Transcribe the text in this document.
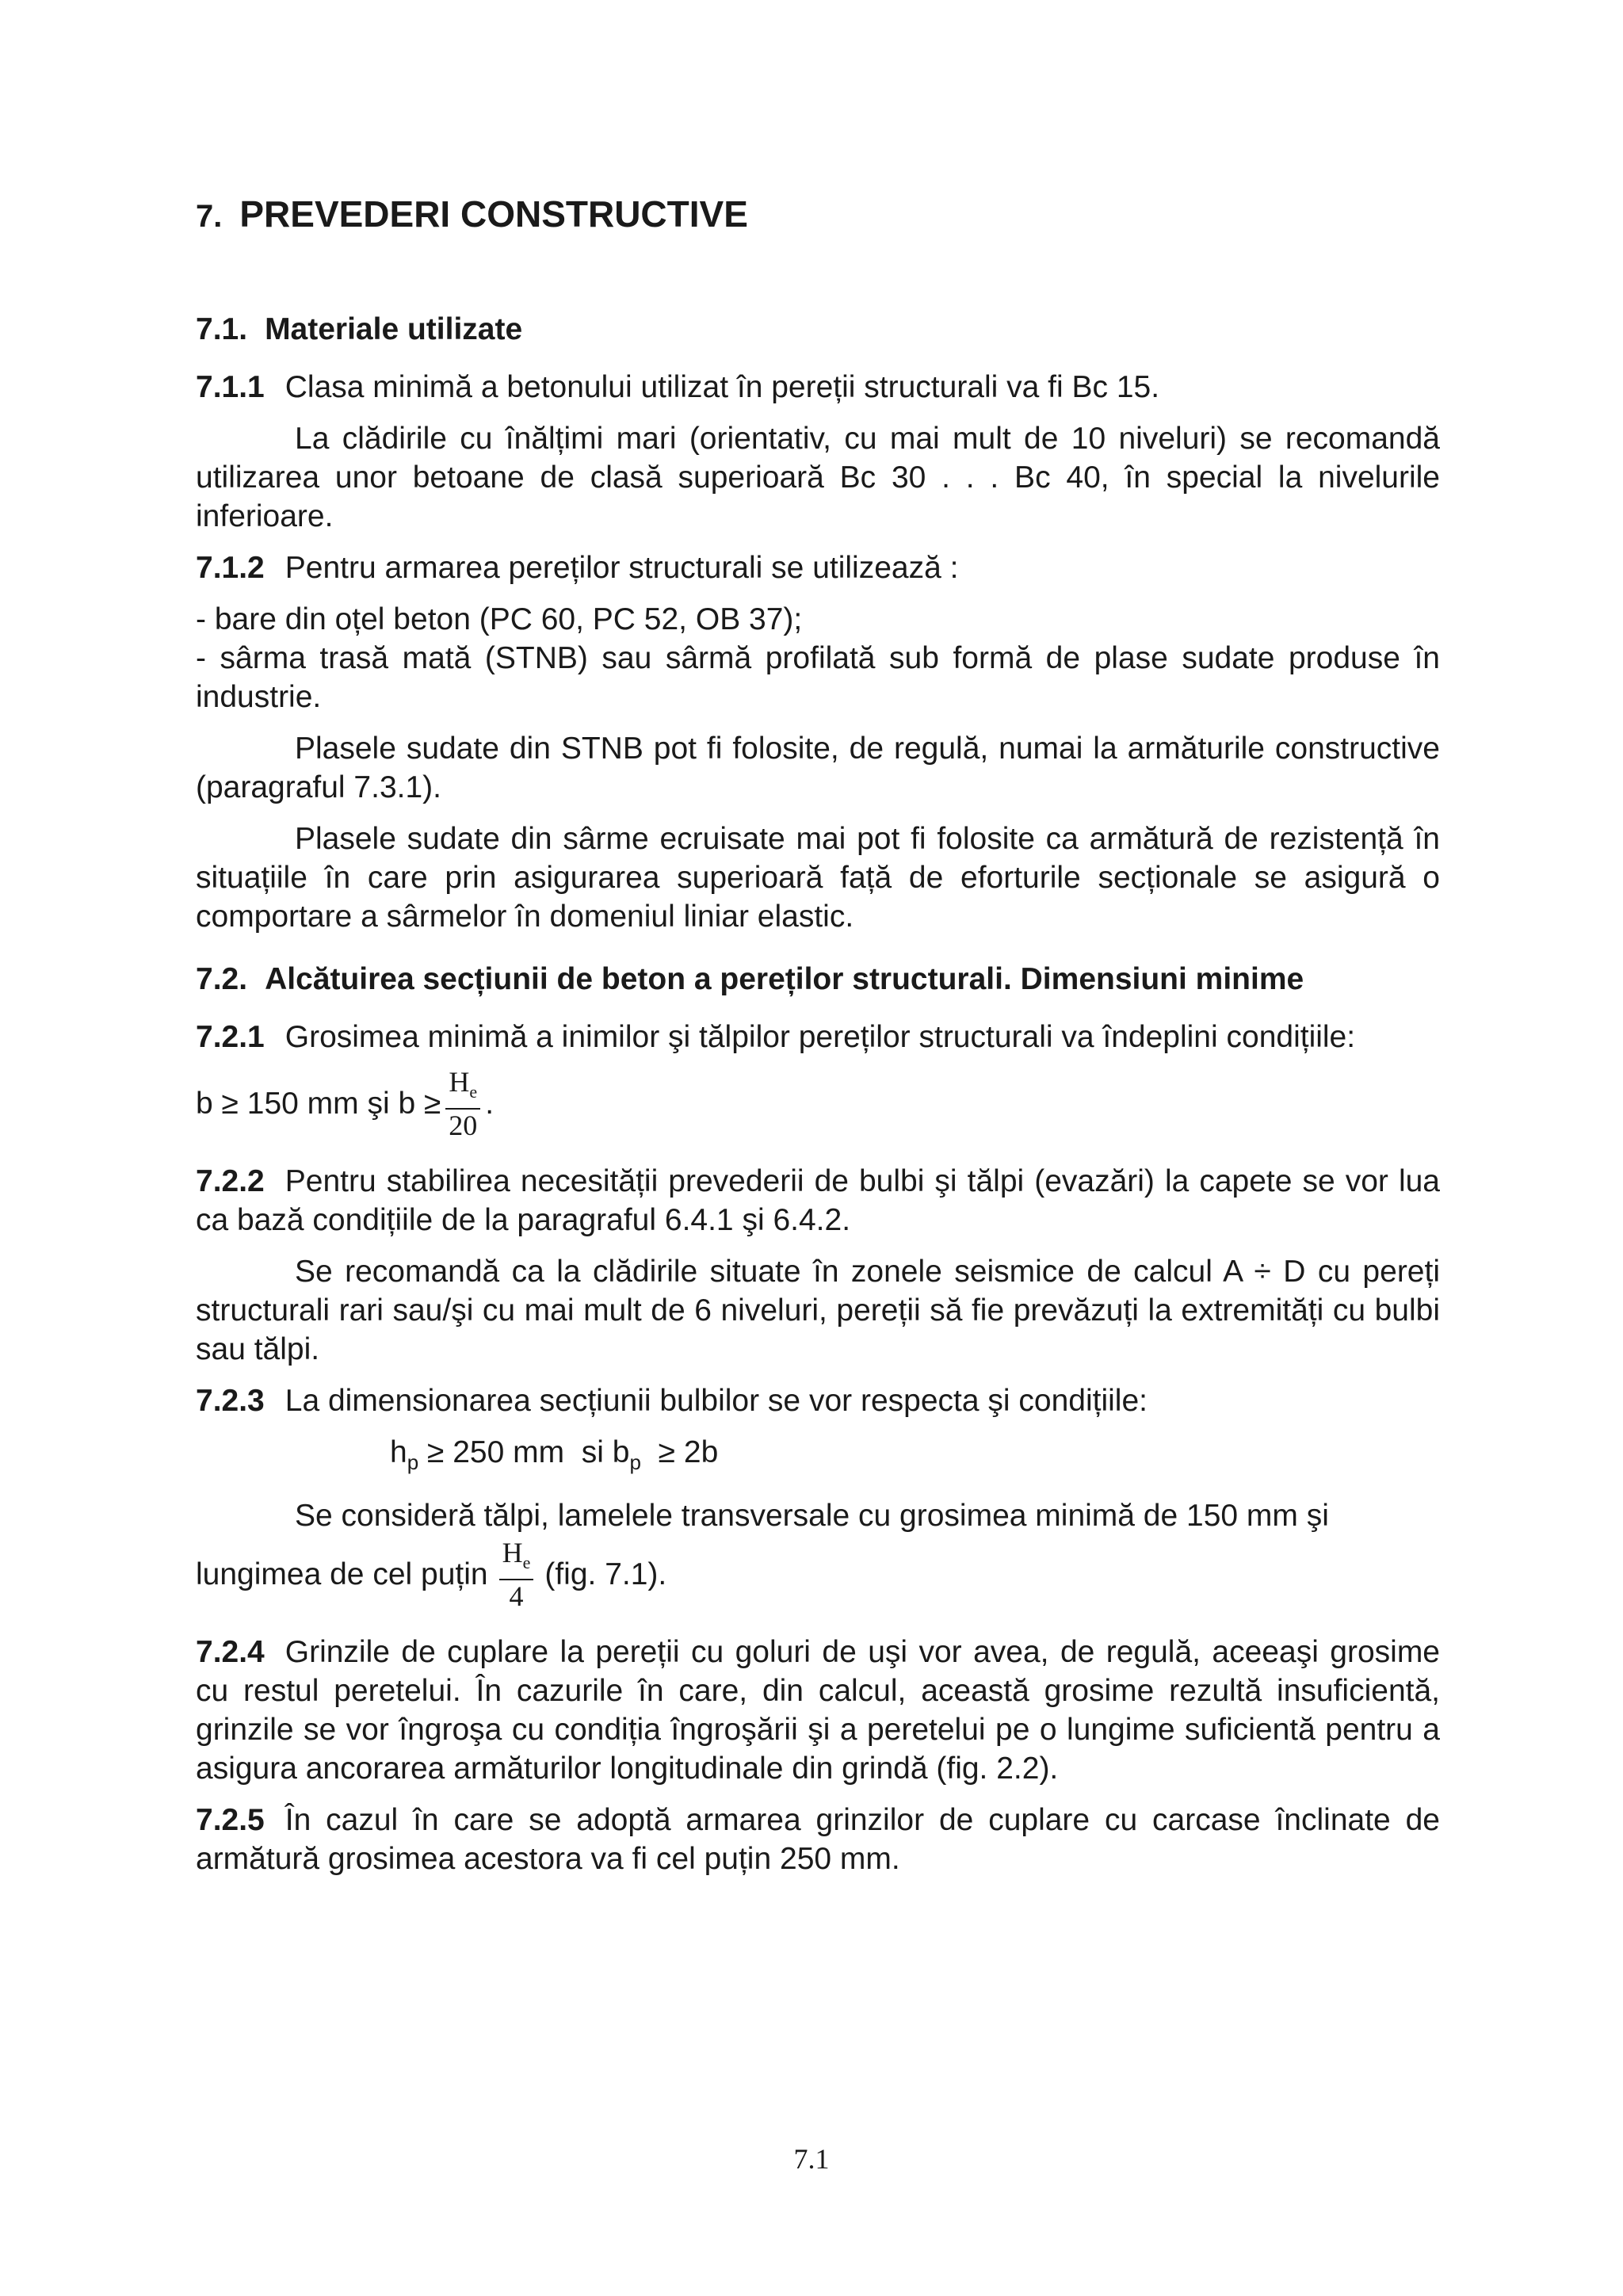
7. PREVEDERI CONSTRUCTIVE
7.1. Materiale utilizate

7.1.1 Clasa minimă a betonului utilizat în pereții structurali va fi Bc 15.

La clădirile cu înălțimi mari (orientativ, cu mai mult de 10 niveluri) se recomandă utilizarea unor betoane de clasă superioară Bc 30 . . . Bc 40, în special la nivelurile inferioare.

7.1.2 Pentru armarea pereților structurali se utilizează :

- bare din oțel beton (PC 60, PC 52, OB 37);

- sârma trasă mată (STNB) sau sârmă profilată sub formă de plase sudate produse în industrie.

Plasele sudate din STNB pot fi folosite, de regulă, numai la armăturile constructive (paragraful 7.3.1).

Plasele sudate din sârme ecruisate mai pot fi folosite ca armătură de rezistență în situațiile în care prin asigurarea superioară față de eforturile secționale se asigură o comportare a sârmelor în domeniul liniar elastic.

7.2. Alcătuirea secțiunii de beton a pereților structurali. Dimensiuni minime

7.2.1 Grosimea minimă a inimilor şi tălpilor pereților structurali va îndeplini condițiile:

b ≥ 150 mm şi $b \ge \frac{H_e}{20}$ .

7.2.2 Pentru stabilirea necesității prevederii de bulbi şi tălpi (evazări) la capete se vor lua ca bază condițiile de la paragraful 6.4.1 şi 6.4.2.

Se recomandă ca la clădirile situate în zonele seismice de calcul A ÷ D cu pereți structurali rari sau/şi cu mai mult de 6 niveluri, pereții să fie prevăzuți la extremități cu bulbi sau tălpi.

7.2.3 La dimensionarea secțiunii bulbilor se vor respecta şi condițiile:

$h_p \ge 250$ mm  si $b_p \ge 2b$

Se consideră tălpi, lamelele transversale cu grosimea minimă de 150 mm şi

lungimea de cel puțin $\frac{H_e}{4} (fig$. 7.1).

7.2.4 Grinzile de cuplare la pereții cu goluri de uşi vor avea, de regulă, aceeaşi grosime cu restul peretelui. În cazurile în care, din calcul, această grosime rezultă insuficientă, grinzile se vor îngroşa cu condiția îngroşării şi a peretelui pe o lungime suficientă pentru a asigura ancorarea armăturilor longitudinale din grindă (fig. 2.2).

7.2.5 În cazul în care se adoptă armarea grinzilor de cuplare cu carcase înclinate de armătură grosimea acestora va fi cel puțin 250 mm.

7.1
